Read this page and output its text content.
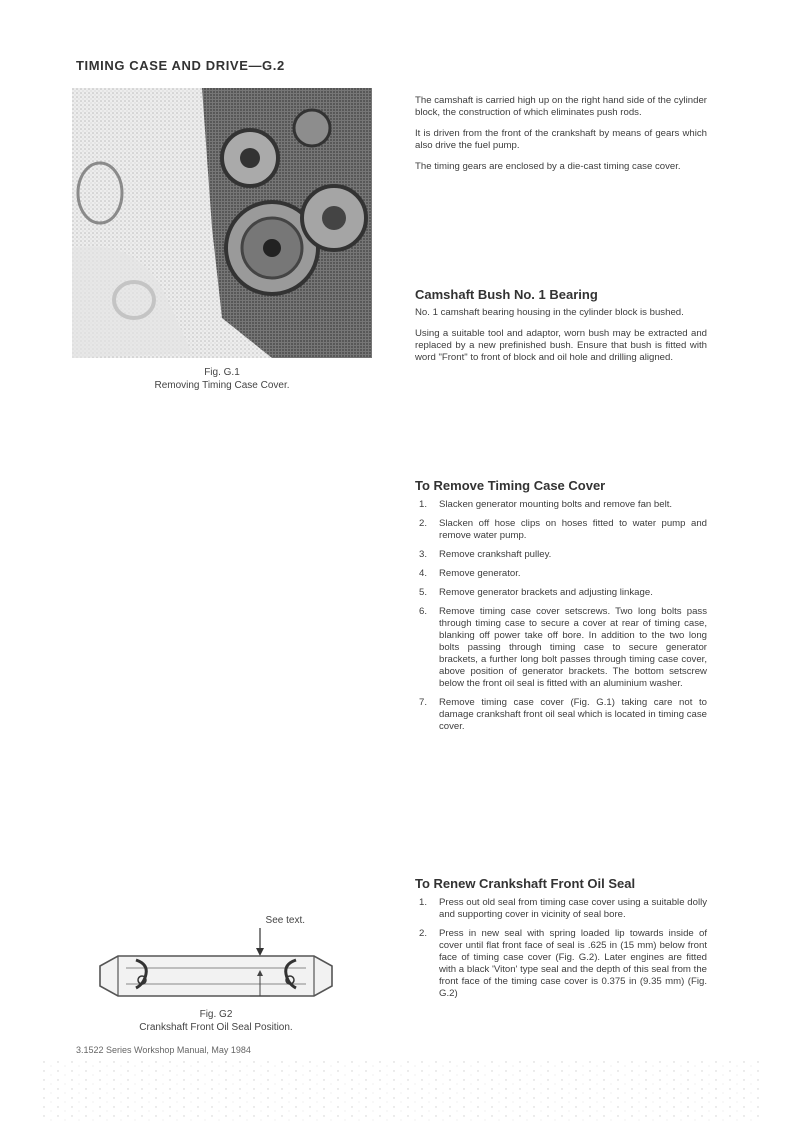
TIMING CASE AND DRIVE—G.2
Fig. G.1
Removing Timing Case Cover.

The camshaft is carried high up on the right hand side of the cylinder block, the construction of which eliminates push rods.

It is driven from the front of the crankshaft by means of gears which also drive the fuel pump.

The timing gears are enclosed by a die-cast timing case cover.

Camshaft Bush No. 1 Bearing

No. 1 camshaft bearing housing in the cylinder block is bushed.

Using a suitable tool and adaptor, worn bush may be extracted and replaced by a new prefinished bush. Ensure that bush is fitted with word "Front" to front of block and oil hole and drilling aligned.

To Remove Timing Case Cover
1.	Slacken generator mounting bolts and remove fan belt.
2.	Slacken off hose clips on hoses fitted to water pump and remove water pump.
3.	Remove crankshaft pulley.
4.	Remove generator.
5.	Remove generator brackets and adjusting linkage.
6.	Remove timing case cover setscrews. Two long bolts pass through timing case to secure a cover at rear of timing case, blanking off power take off bore. In addition to the two long bolts passing through timing case to secure generator brackets, a further long bolt passes through timing case cover, above position of generator brackets. The bottom setscrew below the front oil seal is fitted with an aluminium washer.
7.	Remove timing case cover (Fig. G.1) taking care not to damage crankshaft front oil seal which is located in timing case cover.
To Renew Crankshaft Front Oil Seal
1.	Press out old seal from timing case cover using a suitable dolly and supporting cover in vicinity of seal bore.
2.	Press in new seal with spring loaded lip towards inside of cover until flat front face of seal is .625 in (15 mm) below front face of timing case cover (Fig. G.2). Later engines are fitted with a black 'Viton' type seal and the depth of this seal from the front face of the timing case cover is 0.375 in (9.35 mm) (Fig. G.2)
See text.
Fig. G2
Crankshaft Front Oil Seal Position.
3.1522 Series Workshop Manual, May 1984
